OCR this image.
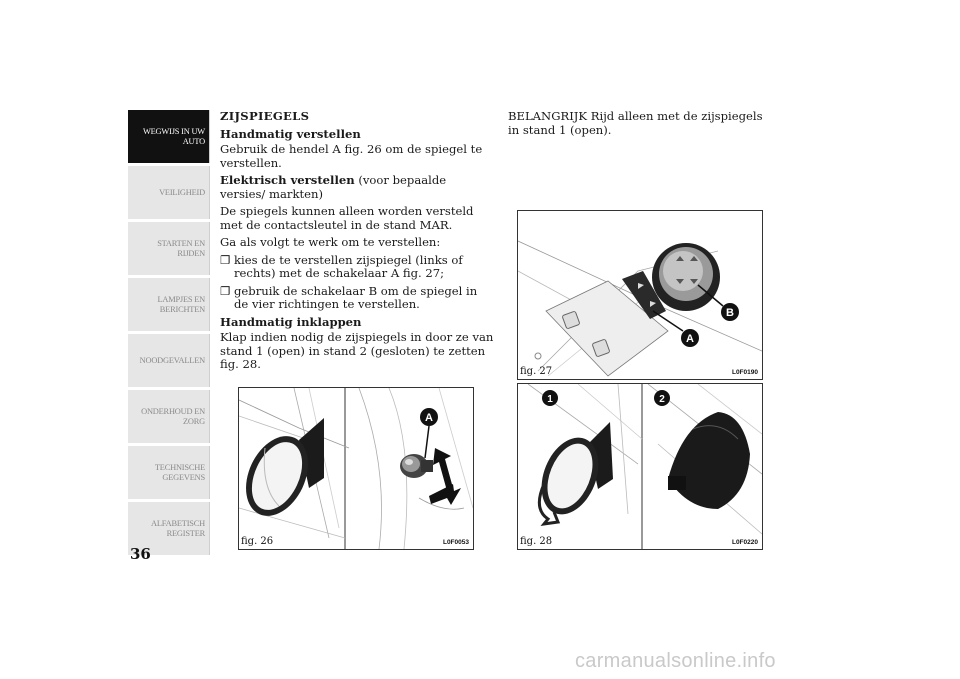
WEGWIJS IN UW
AUTO
VEILIGHEID
STARTEN EN
RIJDEN
LAMPJES EN
BERICHTEN
NOODGEVALLEN
ONDERHOUD EN
ZORG
TECHNISCHE
GEGEVENS
ALFABETISCH
REGISTER
36

ZIJSPIEGELS

Handmatig verstellen

Gebruik de hendel A fig. 26 om de spiegel te verstellen.

Elektrisch verstellen (voor bepaalde versies/ markten)

De spiegels kunnen alleen worden versteld met de contactsleutel in de stand MAR.

Ga als volgt te werk om te verstellen:

❐ kies de te verstellen zijspiegel (links of rechts) met de schakelaar A fig. 27;

❐ gebruik de schakelaar B om de spiegel in de vier richtingen te verstellen.

Handmatig inklappen

Klap indien nodig de zijspiegels in door ze van stand 1 (open) in stand 2 (gesloten) te zetten fig. 28.

BELANGRIJK Rijd alleen met de zijspiegels in stand 1 (open).

A
fig. 26	L0F0053
B
A
fig. 27	L0F0190
1	2
fig. 28	L0F0220
carmanualsonline.info
